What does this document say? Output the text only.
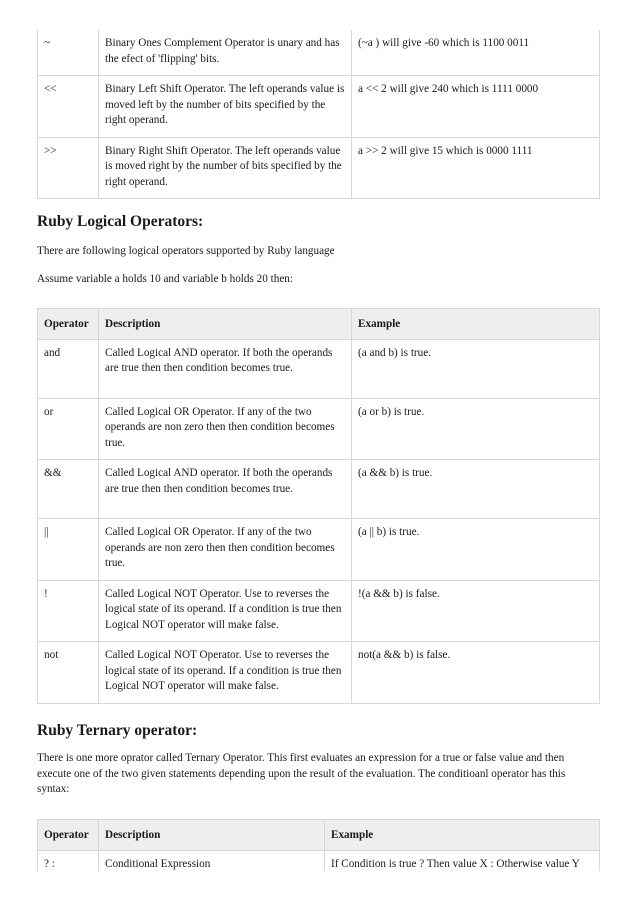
~	Binary Ones Complement Operator is unary and has the efect of 'flipping' bits.	(~a ) will give -60 which is 1100 0011
<<	Binary Left Shift Operator. The left operands value is moved left by the number of bits specified by the right operand.	a << 2 will give 240 which is 1111 0000
>>	Binary Right Shift Operator. The left operands value is moved right by the number of bits specified by the right operand.	a >> 2 will give 15 which is 0000 1111
Ruby Logical Operators:

There are following logical operators supported by Ruby language

Assume variable a holds 10 and variable b holds 20 then:

Operator	Description	Example
and	Called Logical AND operator. If both the operands are true then then condition becomes true.	(a and b) is true.
or	Called Logical OR Operator. If any of the two operands are non zero then then condition becomes true.	(a or b) is true.
&&	Called Logical AND operator. If both the operands are true then then condition becomes true.	(a && b) is true.
||	Called Logical OR Operator. If any of the two operands are non zero then then condition becomes true.	(a || b) is true.
!	Called Logical NOT Operator. Use to reverses the logical state of its operand. If a condition is true then Logical NOT operator will make false.	!(a && b) is false.
not	Called Logical NOT Operator. Use to reverses the logical state of its operand. If a condition is true then Logical NOT operator will make false.	not(a && b) is false.
Ruby Ternary operator:

There is one more oprator called Ternary Operator. This first evaluates an expression for a true or false value and then execute one of the two given statements depending upon the result of the evaluation. The conditioanl operator has this syntax:

Operator	Description	Example
? :	Conditional Expression	If Condition is true ? Then value X : Otherwise value Y
